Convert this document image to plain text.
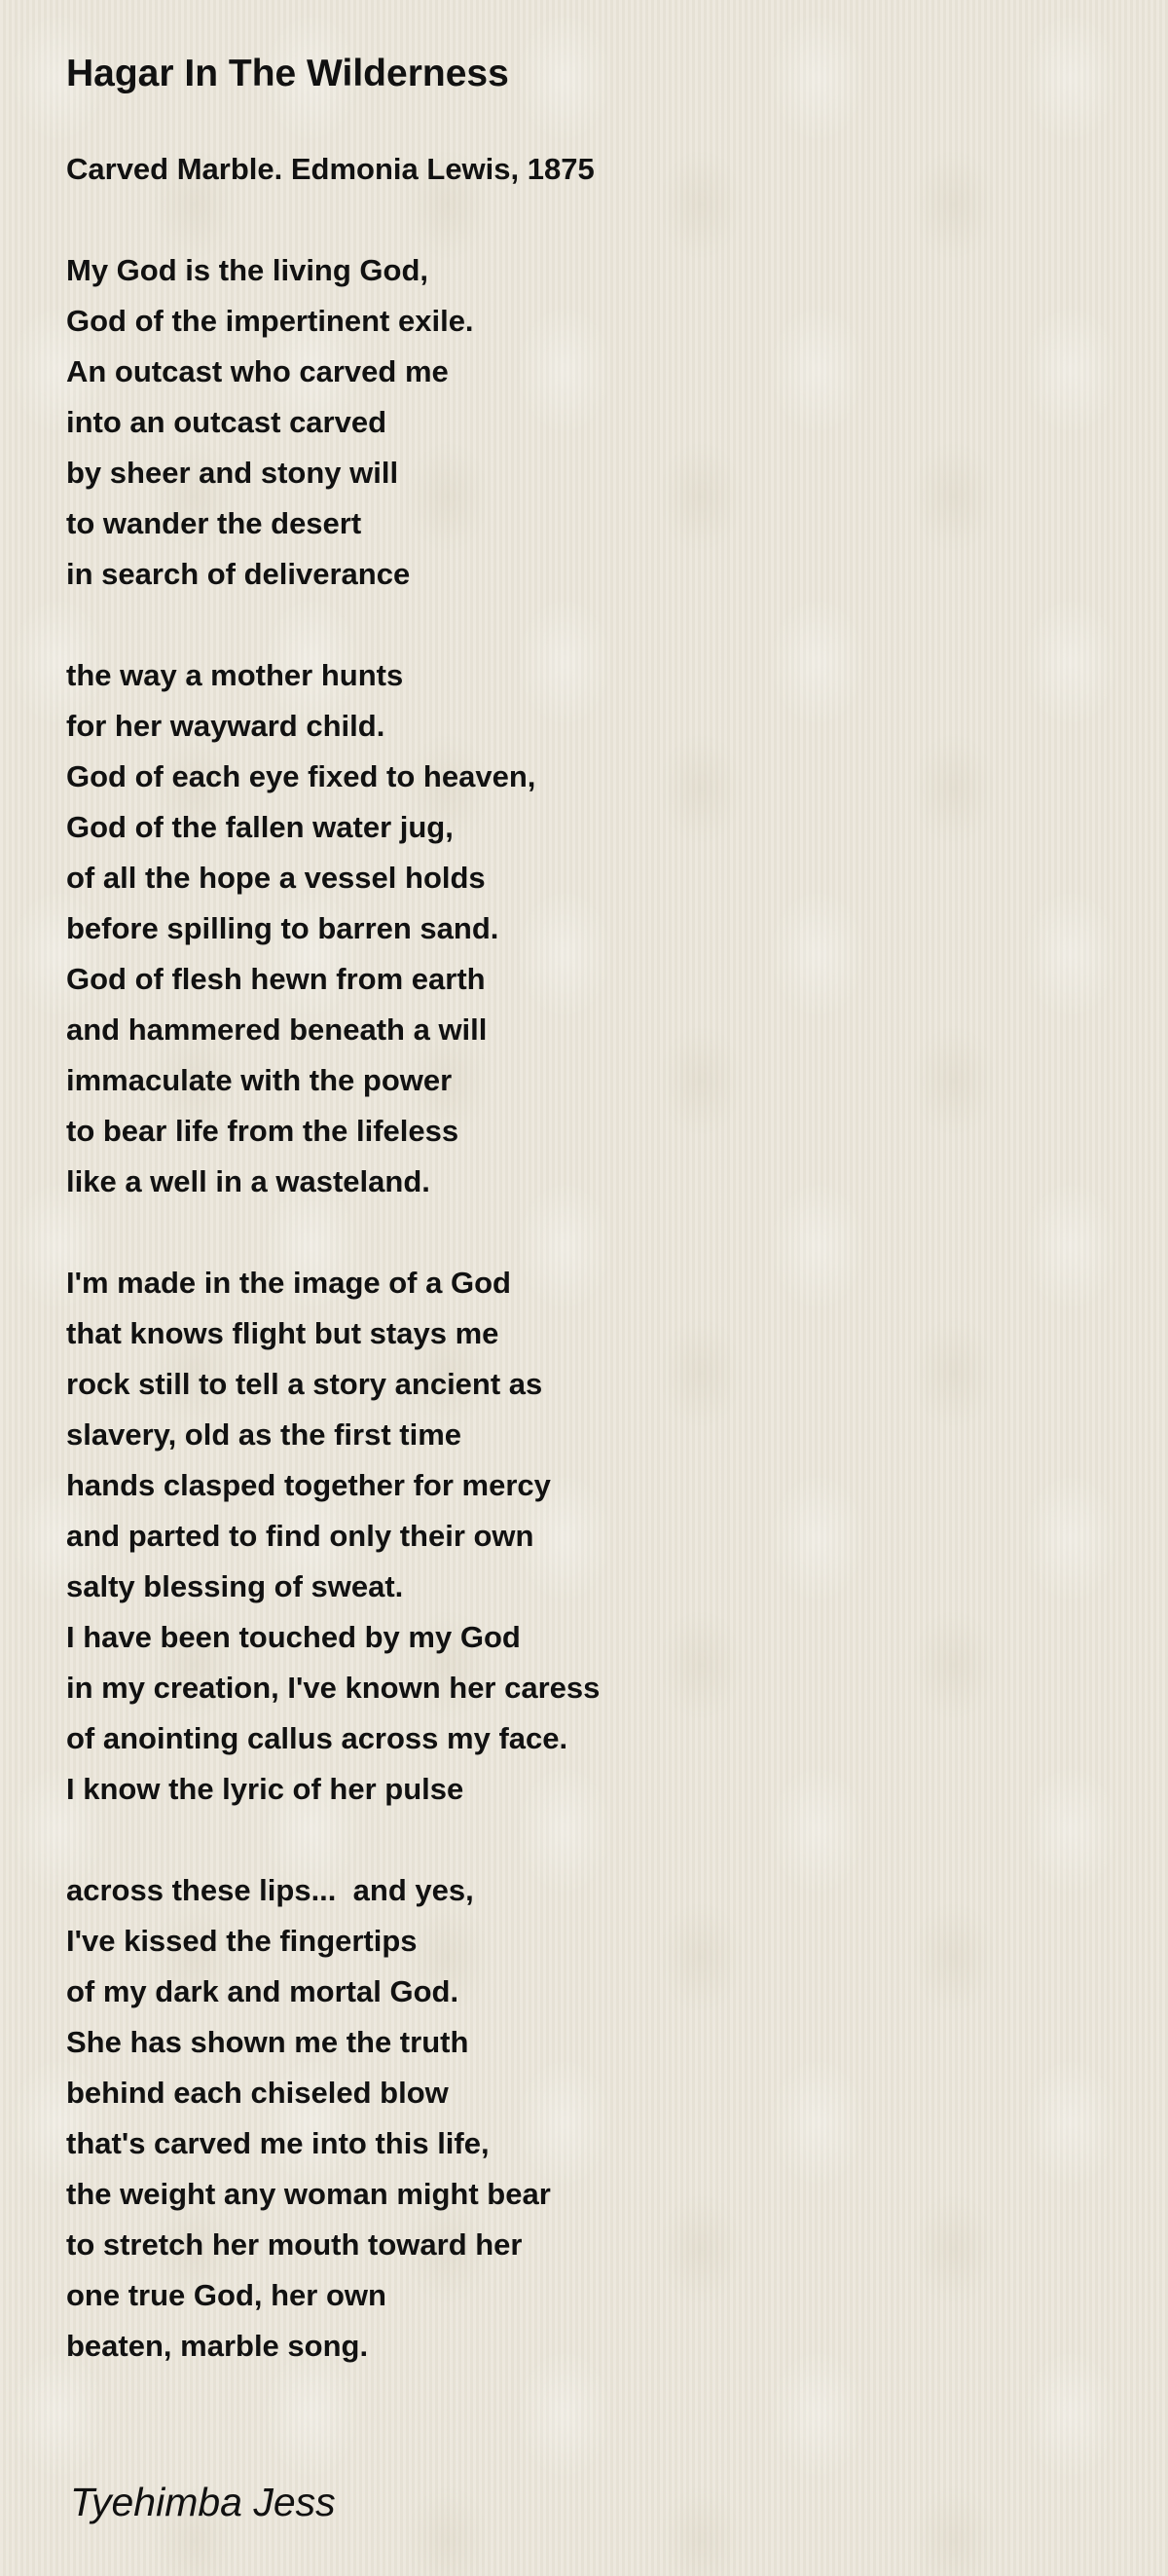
Hagar In The Wilderness
Carved Marble. Edmonia Lewis, 1875
My God is the living God,
God of the impertinent exile.
An outcast who carved me
into an outcast carved
by sheer and stony will
to wander the desert
in search of deliverance
the way a mother hunts
for her wayward child.
God of each eye fixed to heaven,
God of the fallen water jug,
of all the hope a vessel holds
before spilling to barren sand.
God of flesh hewn from earth
and hammered beneath a will
immaculate with the power
to bear life from the lifeless
like a well in a wasteland.
I'm made in the image of a God
that knows flight but stays me
rock still to tell a story ancient as
slavery, old as the first time
hands clasped together for mercy
and parted to find only their own
salty blessing of sweat.
I have been touched by my God
in my creation, I've known her caress
of anointing callus across my face.
I know the lyric of her pulse
across these lips...  and yes,
I've kissed the fingertips
of my dark and mortal God.
She has shown me the truth
behind each chiseled blow
that's carved me into this life,
the weight any woman might bear
to stretch her mouth toward her
one true God, her own
beaten, marble song.
Tyehimba Jess
